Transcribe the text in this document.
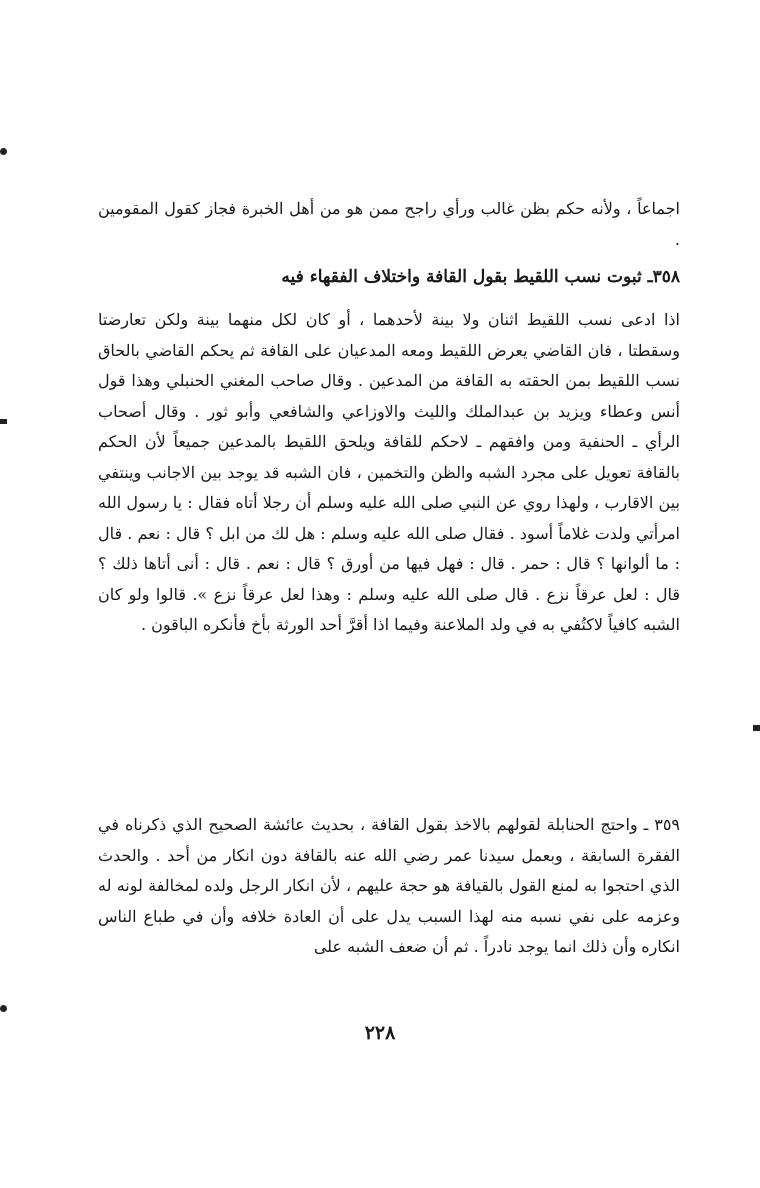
اجماعاً ، ولأنه حكم بظن غالب ورأي راجح ممن هو من أهل الخبرة فجاز كقول المقومين .

٣٥٨ـ ثبوت نسب اللقيط بقول القافة واختلاف الفقهاء فيه

اذا ادعى نسب اللقيط اثنان ولا بينة لأحدهما ، أو كان لكل منهما بينة ولكن تعارضتا وسقطتا ، فان القاضي يعرض اللقيط ومعه المدعيان على القافة ثم يحكم القاضي بالحاق نسب اللقيط بمن الحقته به القافة من المدعين . وقال صاحب المغني الحنبلي وهذا قول أنس وعطاء ويزيد بن عبدالملك والليث والاوزاعي والشافعي وأبو ثور . وقال أصحاب الرأي ـ الحنفية ومن وافقهم ـ لاحكم للقافة ويلحق اللقيط بالمدعين جميعاً لأن الحكم بالقافة تعويل على مجرد الشبه والظن والتخمين ، فان الشبه قد يوجد بين الاجانب وينتفي بين الاقارب ، ولهذا روي عن النبي صلى الله عليه وسلم أن رجلا أتاه فقال : يا رسول الله امرأتي ولدت غلاماً أسود . فقال صلى الله عليه وسلم : هل لك من ابل ؟ قال : نعم . قال : ما ألوانها ؟ قال : حمر . قال : فهل فيها من أورق ؟ قال : نعم . قال : أنى أتاها ذلك ؟ قال : لعل عرقاً نزع . قال صلى الله عليه وسلم : وهذا لعل عرقاً نزع ». قالوا ولو كان الشبه كافياً لاكتُفي به في ولد الملاعنة وفيما اذا أقرَّ أحد الورثة بأخ فأنكره الباقون .

٣٥٩ ـ واحتج الحنابلة لقولهم بالاخذ بقول القافة ، بحديث عائشة الصحيح الذي ذكرناه في الفقرة السابقة ، وبعمل سيدنا عمر رضي الله عنه بالقافة دون انكار من أحد . والحدث الذي احتجوا به لمنع القول بالقيافة هو حجة عليهم ، لأن انكار الرجل ولده لمخالفة لونه له وعزمه على نفي نسبه منه لهذا السبب يدل على أن العادة خلافه وأن في طباع الناس انكاره وأن ذلك انما يوجد نادراً . ثم أن ضعف الشبه على

٢٢٨
